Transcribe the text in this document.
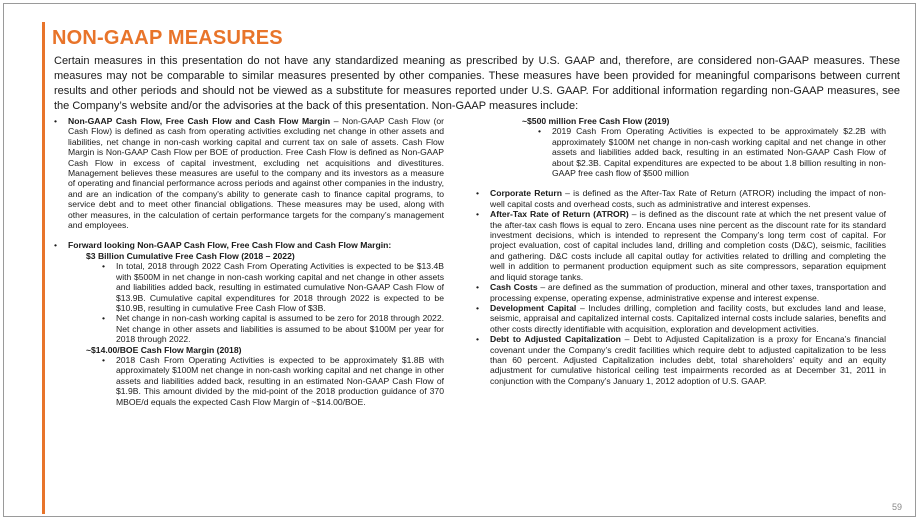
NON-GAAP MEASURES
Certain measures in this presentation do not have any standardized meaning as prescribed by U.S. GAAP and, therefore, are considered non-GAAP measures. These measures may not be comparable to similar measures presented by other companies. These measures have been provided for meaningful comparisons between current results and other periods and should not be viewed as a substitute for measures reported under U.S. GAAP. For additional information regarding non-GAAP measures, see the Company’s website and/or the advisories at the back of this presentation. Non-GAAP measures include:
• Non-GAAP Cash Flow, Free Cash Flow and Cash Flow Margin – Non-GAAP Cash Flow (or Cash Flow) is defined as cash from operating activities excluding net change in other assets and liabilities, net change in non-cash working capital and current tax on sale of assets. Cash Flow Margin is Non-GAAP Cash Flow per BOE of production. Free Cash Flow is defined as Non-GAAP Cash Flow in excess of capital investment, excluding net acquisitions and divestitures. Management believes these measures are useful to the company and its investors as a measure of operating and financial performance across periods and against other companies in the industry, and are an indication of the company's ability to generate cash to finance capital programs, to service debt and to meet other financial obligations. These measures may be used, along with other measures, in the calculation of certain performance targets for the company’s management and employees.
• Forward looking Non-GAAP Cash Flow, Free Cash Flow and Cash Flow Margin:
$3 Billion Cumulative Free Cash Flow (2018 – 2022)
• In total, 2018 through 2022 Cash From Operating Activities is expected to be $13.4B with $500M in net change in non-cash working capital and net change in other assets and liabilities added back, resulting in estimated cumulative Non-GAAP Cash Flow of $13.9B. Cumulative capital expenditures for 2018 through 2022 is expected to be $10.9B, resulting in cumulative Free Cash Flow of $3B.
• Net change in non-cash working capital is assumed to be zero for 2018 through 2022. Net change in other assets and liabilities is assumed to be about $100M per year for 2018 through 2022.
~$14.00/BOE Cash Flow Margin (2018)
• 2018 Cash From Operating Activities is expected to be approximately $1.8B with approximately $100M net change in non-cash working capital and net change in other assets and liabilities added back, resulting in an estimated Non-GAAP Cash Flow of $1.9B. This amount divided by the mid-point of the 2018 production guidance of 370 MBOE/d equals the expected Cash Flow Margin of ~$14.00/BOE.
~$500 million Free Cash Flow (2019)
• 2019 Cash From Operating Activities is expected to be approximately $2.2B with approximately $100M net change in non-cash working capital and net change in other assets and liabilities added back, resulting in an estimated Non-GAAP Cash Flow of about $2.3B. Capital expenditures are expected to be about 1.8 billion resulting in non-GAAP free cash flow of $500 million
• Corporate Return – is defined as the After-Tax Rate of Return (ATROR) including the impact of non-well capital costs and overhead costs, such as administrative and interest expenses.
• After-Tax Rate of Return (ATROR) – is defined as the discount rate at which the net present value of the after-tax cash flows is equal to zero. Encana uses nine percent as the discount rate for its standard investment decisions, which is intended to represent the Company’s long term cost of capital. For project evaluation, cost of capital includes land, drilling and completion costs (D&C), seismic, facilities and gathering. D&C costs include all capital outlay for activities related to drilling and completing the well in addition to permanent production equipment such as site compressors, separation equipment and liquid storage tanks.
• Cash Costs – are defined as the summation of production, mineral and other taxes, transportation and processing expense, operating expense, administrative expense and interest expense.
• Development Capital – Includes drilling, completion and facility costs, but excludes land and lease, seismic, appraisal and capitalized internal costs. Capitalized internal costs include salaries, benefits and other costs directly identifiable with acquisition, exploration and development activities.
• Debt to Adjusted Capitalization – Debt to Adjusted Capitalization is a proxy for Encana’s financial covenant under the Company’s credit facilities which require debt to adjusted capitalization to be less than 60 percent. Adjusted Capitalization includes debt, total shareholders’ equity and an equity adjustment for cumulative historical ceiling test impairments recorded as at December 31, 2011 in conjunction with the Company’s January 1, 2012 adoption of U.S. GAAP.
59
